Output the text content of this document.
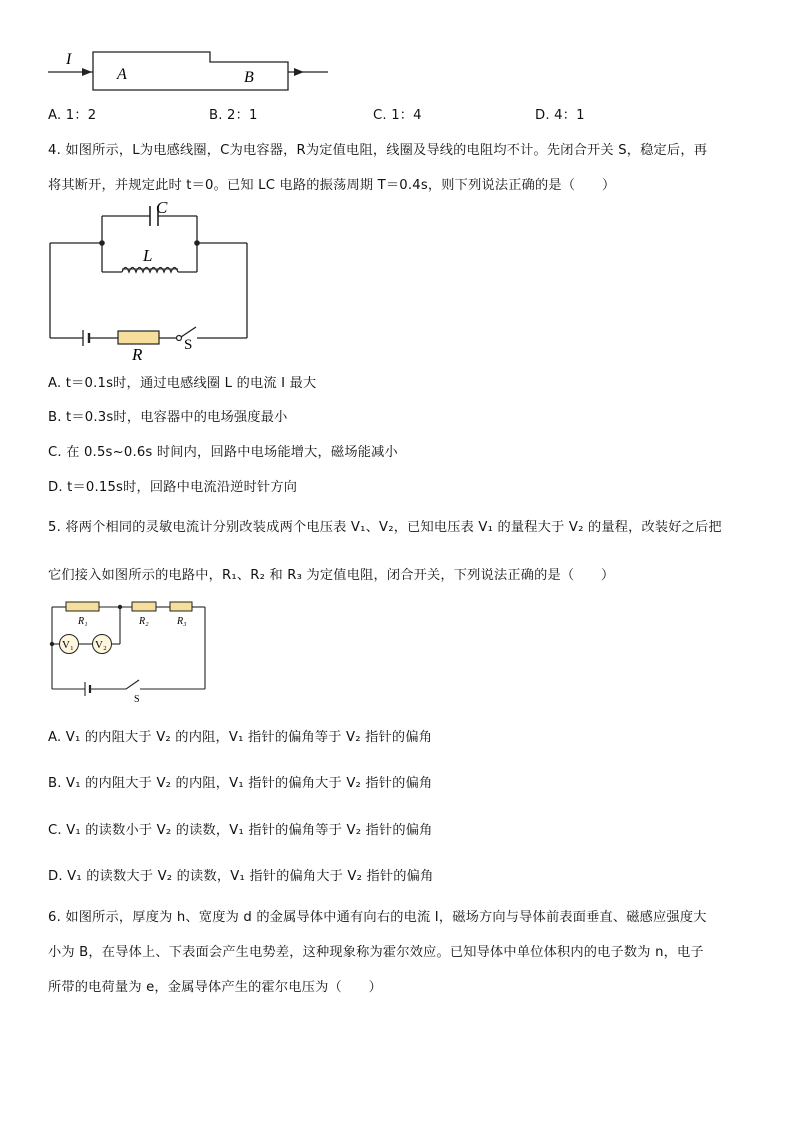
I
A	B
A. 1：2	B. 2：1	C. 1：4	D. 4：1
4. 如图所示，L为电感线圈，C为电容器，R为定值电阻，线圈及导线的电阻均不计。先闭合开关 S，稳定后，再
将其断开，并规定此时 t＝0。已知 LC 电路的振荡周期 T＝0.4s，则下列说法正确的是（　　）
C
L
R	S
A. t＝0.1s时，通过电感线圈 L 的电流 I 最大
B. t＝0.3s时，电容器中的电场强度最小
C. 在 0.5s~0.6s 时间内，回路中电场能增大，磁场能减小
D. t＝0.15s时，回路中电流沿逆时针方向
5. 将两个相同的灵敏电流计分别改装成两个电压表 V₁、V₂，已知电压表 V₁ 的量程大于 V₂ 的量程，改装好之后把
它们接入如图所示的电路中，R₁、R₂ 和 R₃ 为定值电阻，闭合开关，下列说法正确的是（　　）
R₁	R₂	R₃
V₁ V₂
S
A. V₁ 的内阻大于 V₂ 的内阻，V₁ 指针的偏角等于 V₂ 指针的偏角
B. V₁ 的内阻大于 V₂ 的内阻，V₁ 指针的偏角大于 V₂ 指针的偏角
C. V₁ 的读数小于 V₂ 的读数，V₁ 指针的偏角等于 V₂ 指针的偏角
D. V₁ 的读数大于 V₂ 的读数，V₁ 指针的偏角大于 V₂ 指针的偏角
6. 如图所示，厚度为 h、宽度为 d 的金属导体中通有向右的电流 I，磁场方向与导体前表面垂直、磁感应强度大
小为 B，在导体上、下表面会产生电势差，这种现象称为霍尔效应。已知导体中单位体积内的电子数为 n，电子
所带的电荷量为 e，金属导体产生的霍尔电压为（　　）
